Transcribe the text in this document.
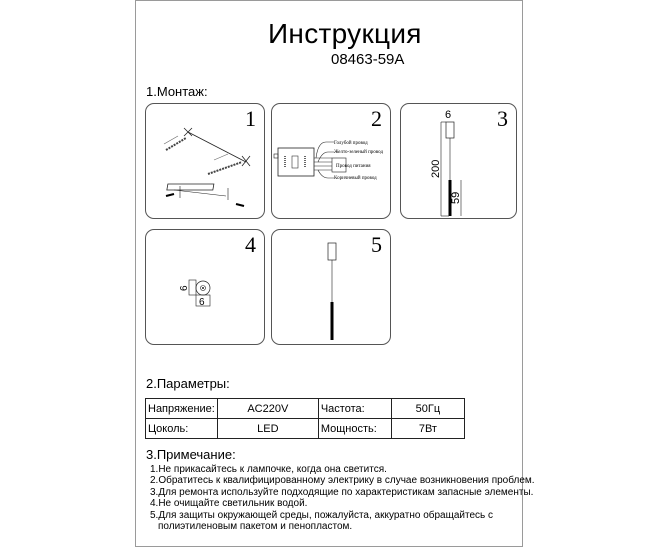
Инструкция
08463-59A
1.Монтаж:
1	2
Голубой провод
Желто-зеленый провод
Провод питания
Коричневый провод
3
6
200
59
4
6
6
5
2.Параметры:
Напряжение:	AC220V	Частота:	50Гц
Цоколь:	LED	Мощность:	7Вт
3.Примечание:
1.Не прикасайтесь к лампочке, когда она светится.
2.Обратитесь к квалифицированному электрику в случае возникновения проблем.
3.Для ремонта используйте подходящие по характеристикам запасные элементы.
4.Не очищайте светильник водой.
5.Для защиты окружающей среды, пожалуйста, аккуратно обращайтесь с
полиэтиленовым пакетом и пенопластом.
